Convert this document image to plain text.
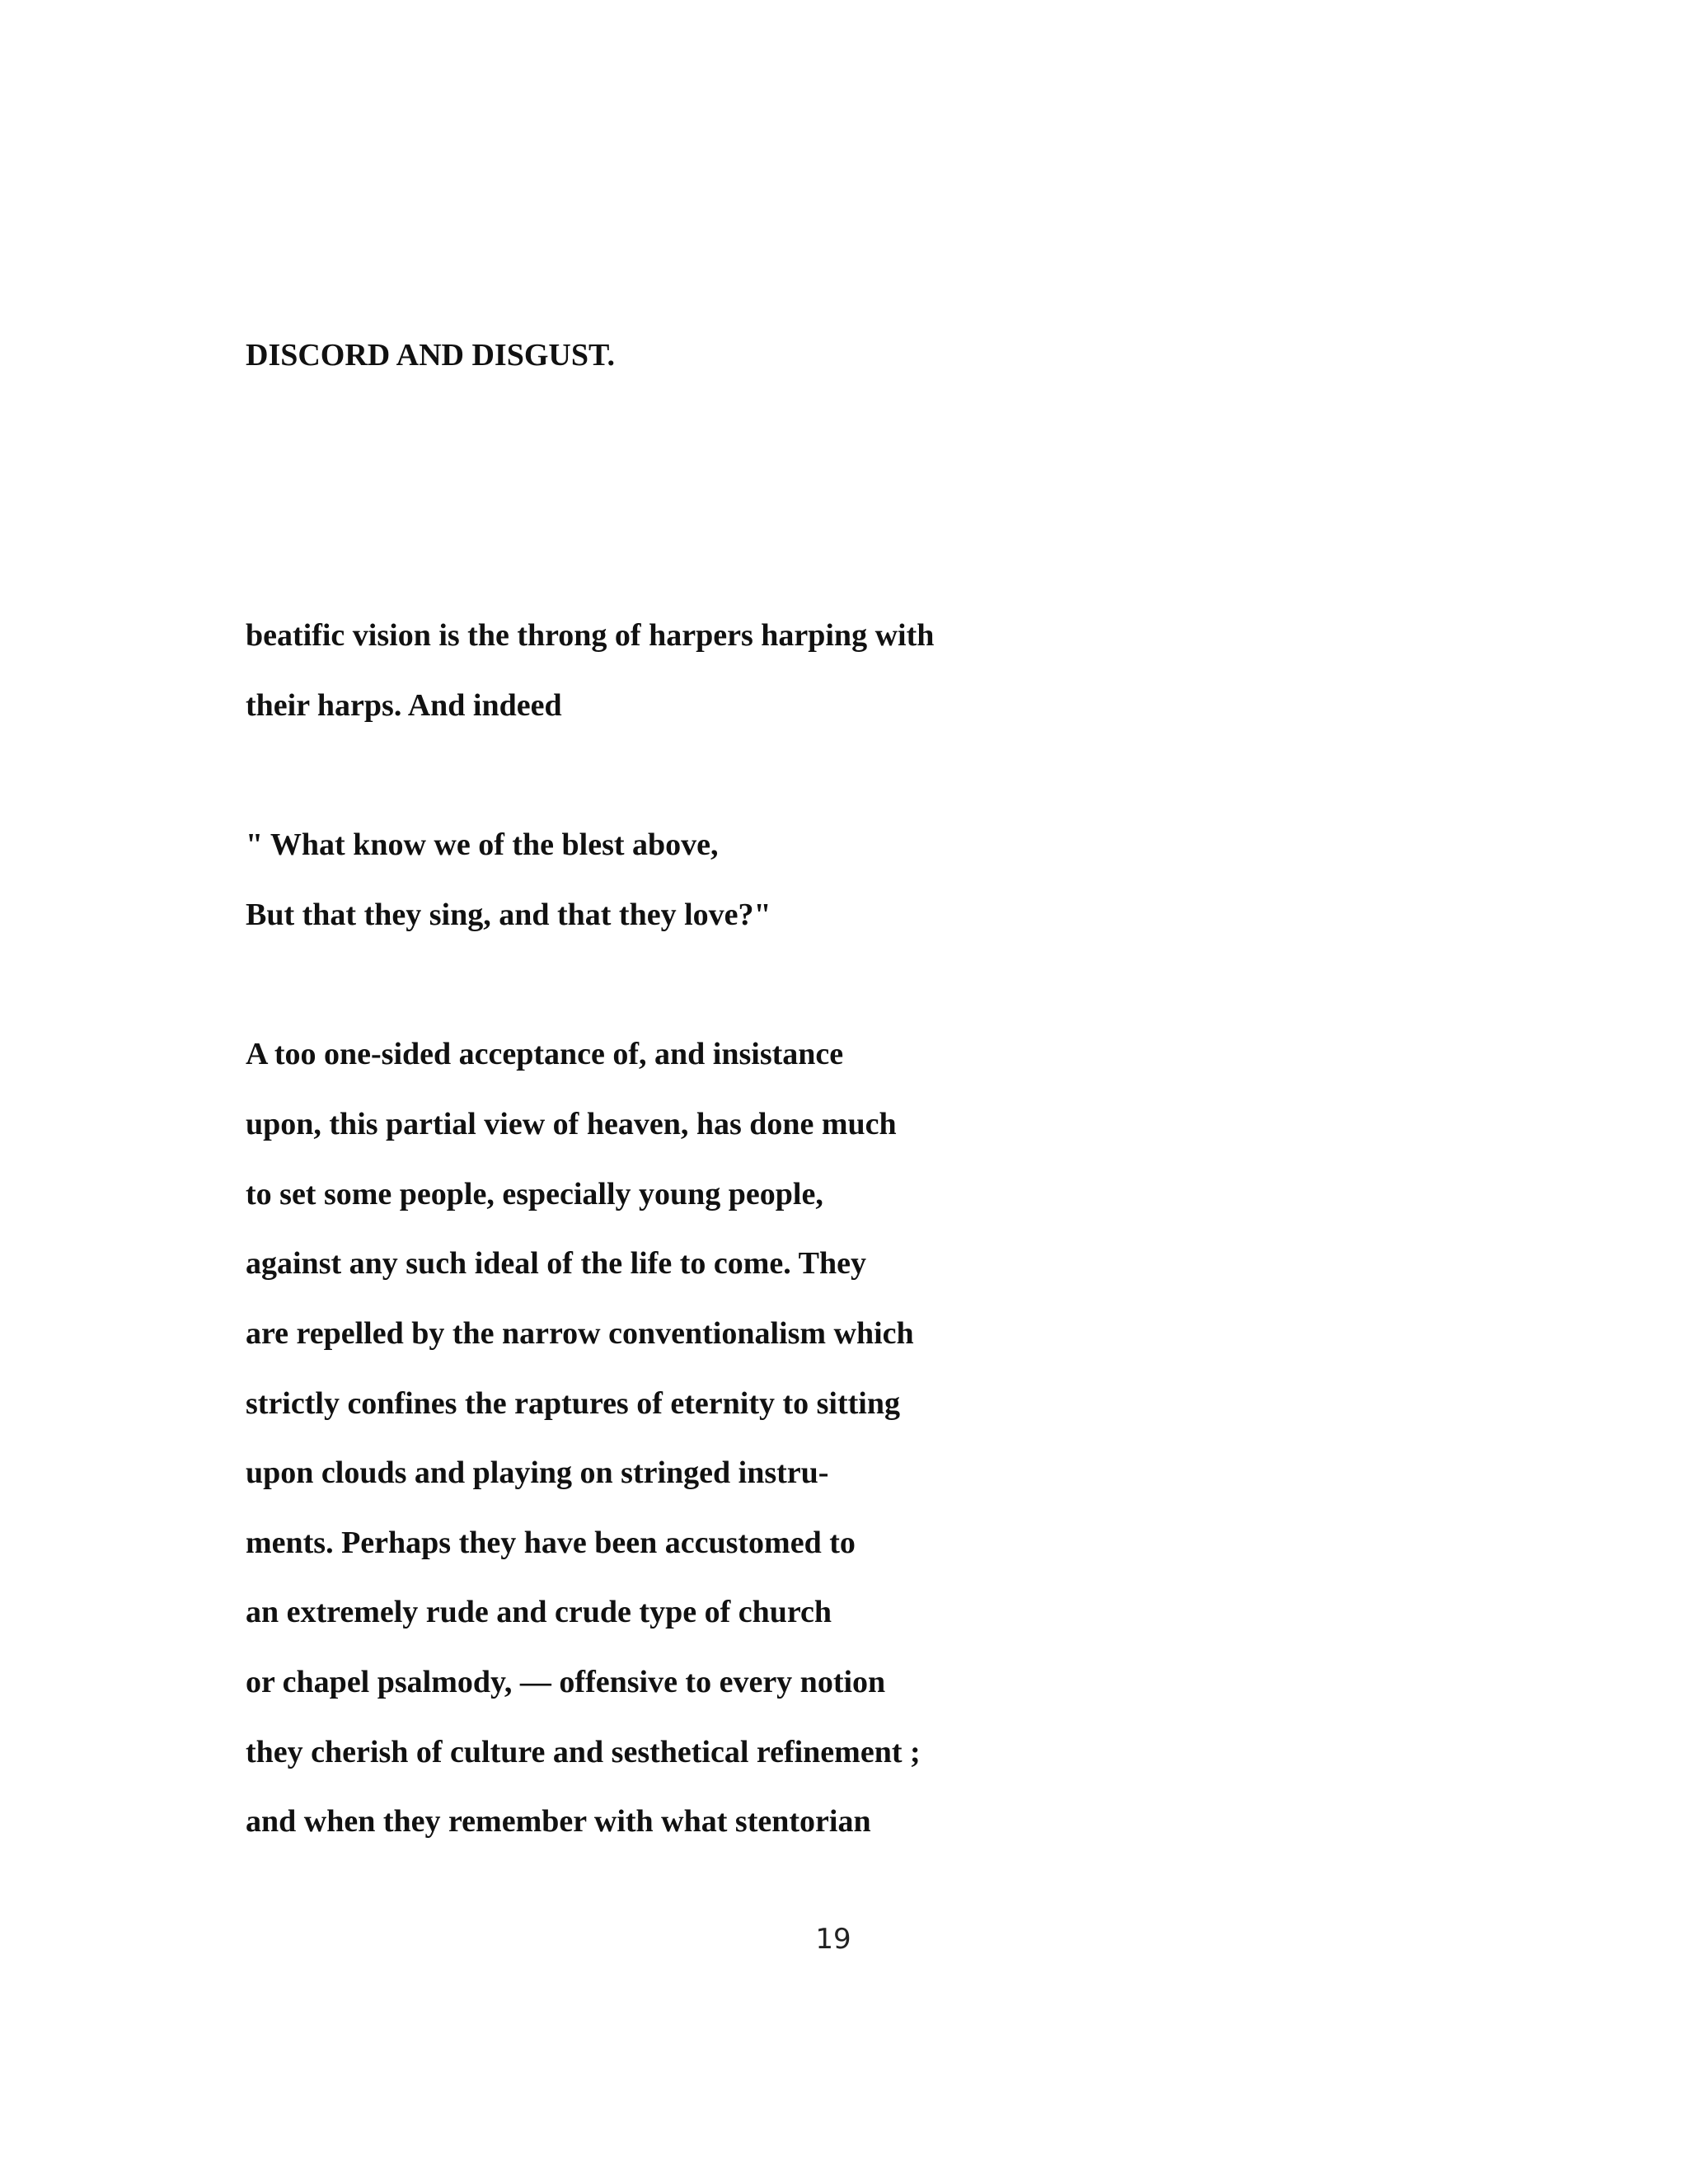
DISCORD AND DISGUST.

beatific vision is the throng of harpers harping with

their harps. And indeed

" What know we of the blest above,

But that they sing, and that they love?"

A too one-sided acceptance of, and insistance

upon, this partial view of heaven, has done much

to set some people, especially young people,

against any such ideal of the life to come. They

are repelled by the narrow conventionalism which

strictly confines the raptures of eternity to sitting

upon clouds and playing on stringed instru-

ments. Perhaps they have been accustomed to

an extremely rude and crude type of church

or chapel psalmody, — offensive to every notion

they cherish of culture and sesthetical refinement ;

and when they remember with what stentorian

19
